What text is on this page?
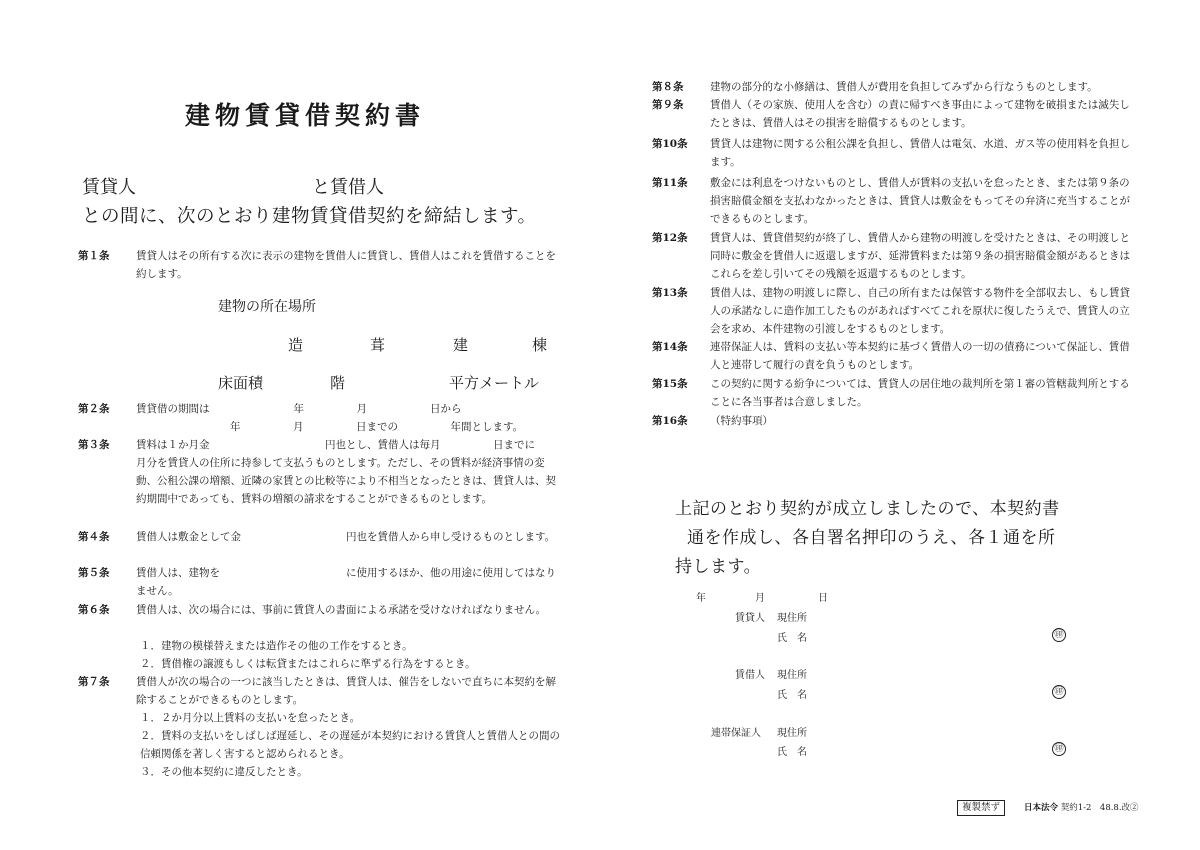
建物賃貸借契約書
賃貸人	と賃借人
との間に、次のとおり建物賃貸借契約を締結します。
第１条	賃貸人はその所有する次に表示の建物を賃借人に賃貸し、賃借人はこれを賃借することを約します。
建物の所在場所
造	葺	建	棟
床面積	階	平方メートル
第２条	賃貸借の期間は　　　　　　　　年　　　　　月　　　　　　日から
年　　　　　月　　　　　日までの　　　　　年間とします。
第３条	賃料は１か月金　　　　　　　　　　　円也とし、賃借人は毎月　　　　　日までに　　　　月分を賃貸人の住所に持参して支払うものとします。ただし、その賃料が経済事情の変動、公租公課の増額、近隣の家賃との比較等により不相当となったときは、賃貸人は、契約期間中であっても、賃料の増額の請求をすることができるものとします。
第４条	賃借人は敷金として金　　　　　　　　　　円也を賃借人から申し受けるものとします。
第５条	賃借人は、建物を　　　　　　　　　　　　に使用するほか、他の用途に使用してはなりません。
第６条	賃借人は、次の場合には、事前に賃貸人の書面による承諾を受けなければなりません。
１．建物の模様替えまたは造作その他の工作をするとき。
２．賃借権の譲渡もしくは転貸またはこれらに準ずる行為をするとき。
第７条	賃借人が次の場合の一つに該当したときは、賃貸人は、催告をしないで直ちに本契約を解除することができるものとします。
１．２か月分以上賃料の支払いを怠ったとき。
２．賃料の支払いをしばしば遅延し、その遅延が本契約における賃貸人と賃借人との間の信頼関係を著しく害すると認められるとき。
３．その他本契約に違反したとき。
第８条	建物の部分的な小修繕は、賃借人が費用を負担してみずから行なうものとします。
第９条	賃借人（その家族、使用人を含む）の責に帰すべき事由によって建物を破損または滅失したときは、賃借人はその損害を賠償するものとします。
第10条	賃貸人は建物に関する公租公課を負担し、賃借人は電気、水道、ガス等の使用料を負担します。
第11条	敷金には利息をつけないものとし、賃借人が賃料の支払いを怠ったとき、または第９条の損害賠償金額を支払わなかったときは、賃貸人は敷金をもってその弁済に充当することができるものとします。
第12条	賃貸人は、賃貸借契約が終了し、賃借人から建物の明渡しを受けたときは、その明渡しと同時に敷金を賃借人に返還しますが、延滞賃料または第９条の損害賠償金額があるときはこれらを差し引いてその残額を返還するものとします。
第13条	賃借人は、建物の明渡しに際し、自己の所有または保管する物件を全部収去し、もし賃貸人の承諾なしに造作加工したものがあればすべてこれを原状に復したうえで、賃貸人の立会を求め、本件建物の引渡しをするものとします。
第14条	連帯保証人は、賃料の支払い等本契約に基づく賃借人の一切の債務について保証し、賃借人と連帯して履行の責を負うものとします。
第15条	この契約に関する紛争については、賃貸人の居住地の裁判所を第１審の管轄裁判所とすることに各当事者は合意しました。
第16条	（特約事項）
上記のとおり契約が成立しましたので、本契約書
通を作成し、各自署名押印のうえ、各１通を所
持します。
年	月	日
賃貸人 現住所
氏　名	㊞
賃借人 現住所
氏　名	㊞
連帯保証人 現住所
氏　名	㊞
複製禁ず	日本法令 契約1-2　48.8.改②
